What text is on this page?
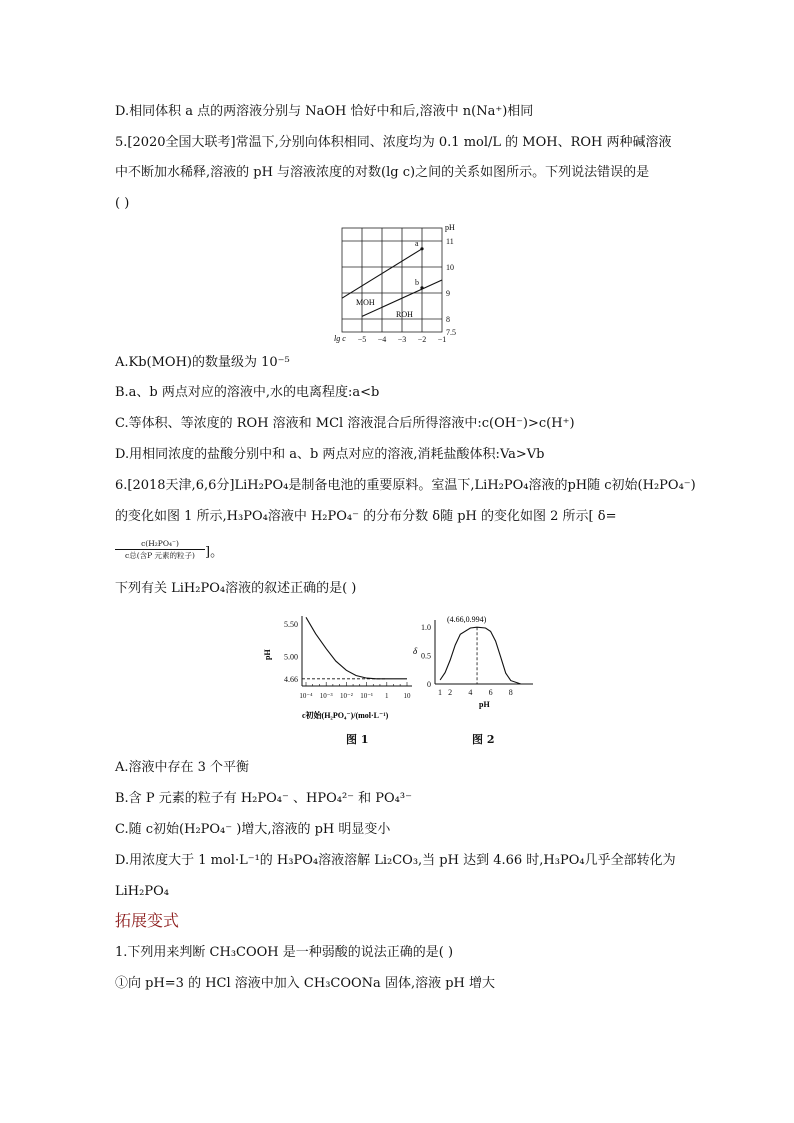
D.相同体积 a 点的两溶液分别与 NaOH 恰好中和后,溶液中 n(Na⁺)相同
5.[2020全国大联考]常温下,分别向体积相同、浓度均为 0.1 mol/L 的 MOH、ROH 两种碱溶液
中不断加水稀释,溶液的 pH 与溶液浓度的对数(lg c)之间的关系如图所示。下列说法错误的是
( )
a
b
MOH
ROH
pH
lg c
11
10
9
8
7.5
−5 −4 −3 −2 −1
A.Kb(MOH)的数量级为 10⁻⁵
B.a、b 两点对应的溶液中,水的电离程度:a<b
C.等体积、等浓度的 ROH 溶液和 MCl 溶液混合后所得溶液中:c(OH⁻)>c(H⁺)
D.用相同浓度的盐酸分别中和 a、b 两点对应的溶液,消耗盐酸体积:Va>Vb
6.[2018天津,6,6分]LiH₂PO₄是制备电池的重要原料。室温下,LiH₂PO₄溶液的pH随 c初始(H₂PO₄⁻)
的变化如图 1 所示,H₃PO₄溶液中 H₂PO₄⁻ 的分布分数 δ随 pH 的变化如图 2 所示[ δ=
c(H₂PO₄⁻)
c总(含P 元素的粒子) ]。
下列有关 LiH₂PO₄溶液的叙述正确的是( )
5.50
5.00
4.66
10⁻⁴ 10⁻³ 10⁻² 10⁻¹ 1 10
pH
c初始(H₂PO₄⁻)/(mol·L⁻¹)
图 1
1.0
0.5
0
1 2 4 6 8
(4.66,0.994)
δ
pH
图 2
A.溶液中存在 3 个平衡
B.含 P 元素的粒子有 H₂PO₄⁻ 、HPO₄²⁻ 和 PO₄³⁻
C.随 c初始(H₂PO₄⁻ )增大,溶液的 pH 明显变小
D.用浓度大于 1 mol·L⁻¹的 H₃PO₄溶液溶解 Li₂CO₃,当 pH 达到 4.66 时,H₃PO₄几乎全部转化为
LiH₂PO₄
拓展变式
1.下列用来判断 CH₃COOH 是一种弱酸的说法正确的是( )
①向 pH=3 的 HCl 溶液中加入 CH₃COONa 固体,溶液 pH 增大
